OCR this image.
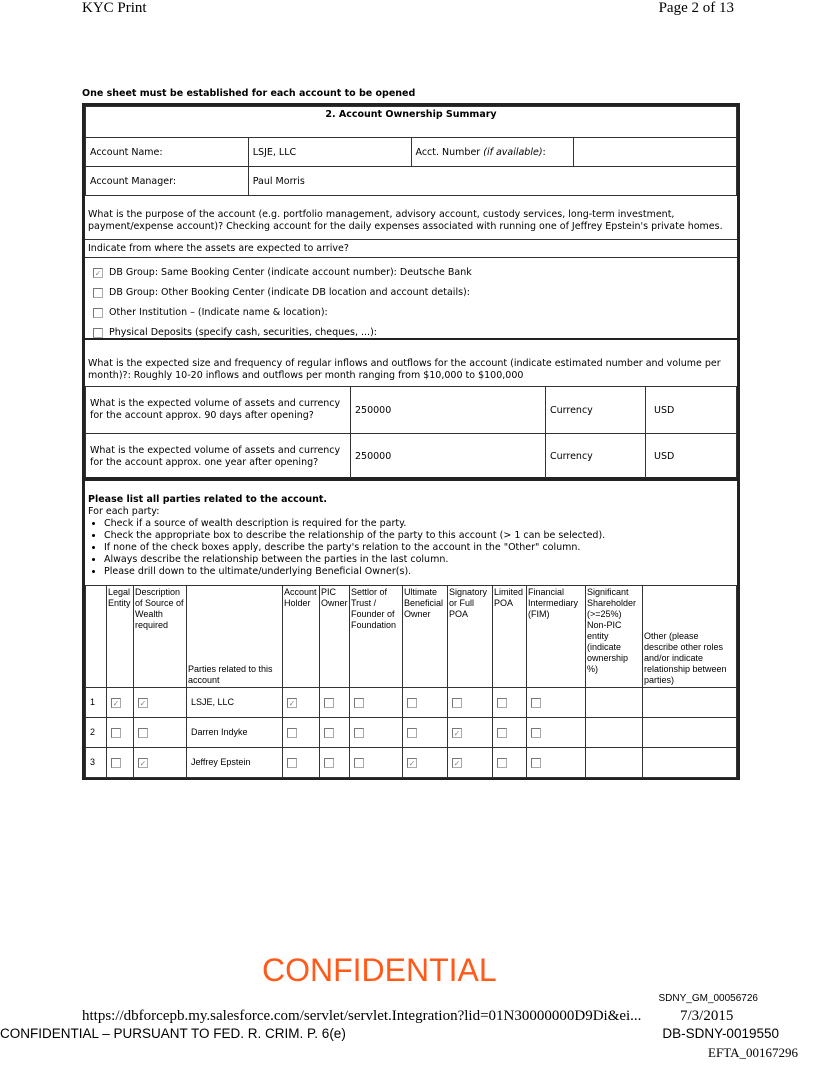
KYC Print	Page 2 of 13
One sheet must be established for each account to be opened
2. Account Ownership Summary			
Account Name:	LSJE, LLC	Acct. Number (if available):	
Account Manager:	Paul Morris		
What is the purpose of the account (e.g. portfolio management, advisory account, custody services, long-term investment, payment/expense account)? Checking account for the daily expenses associated with running one of Jeffrey Epstein's private homes.
Indicate from where the assets are expected to arrive?
✓  DB Group: Same Booking Center (indicate account number): Deutsche Bank
DB Group: Other Booking Center (indicate DB location and account details):
Other Institution – (Indicate name & location):
Physical Deposits (specify cash, securities, cheques, ...):
What is the expected size and frequency of regular inflows and outflows for the account (indicate estimated number and volume per month)?: Roughly 10-20 inflows and outflows per month ranging from $10,000 to $100,000
What is the expected volume of assets and currency for the account approx. 90 days after opening?	250000	Currency	USD
What is the expected volume of assets and currency for the account approx. one year after opening?	250000	Currency	USD
Please list all parties related to the account.
For each party:
• Check if a source of wealth description is required for the party.
• Check the appropriate box to describe the relationship of the party to this account (> 1 can be selected).
• If none of the check boxes apply, describe the party's relation to the account in the "Other" column.
• Always describe the relationship between the parties in the last column.
• Please drill down to the ultimate/underlying Beneficial Owner(s).
	Legal Entity	Description of Source of Wealth required	Parties related to this account	Account Holder	PIC Owner	Settlor of Trust / Founder of Foundation	Ultimate Beneficial Owner	Signatory or Full POA	Limited POA	Financial Intermediary (FIM)	Significant Shareholder (>=25%) Non-PIC entity (indicate ownership %)	Other (please describe other roles and/or indicate relationship between parties)
1	✓	✓	LSJE, LLC	✓								
2			Darren Indyke					✓				
3		✓	Jeffrey Epstein				✓	✓				
CONFIDENTIAL
SDNY_GM_00056726
https://dbforcepb.my.salesforce.com/servlet/servlet.Integration?lid=01N30000000D9Di&ei...	7/3/2015
CONFIDENTIAL – PURSUANT TO FED. R. CRIM. P. 6(e)	DB-SDNY-0019550
EFTA_00167296
